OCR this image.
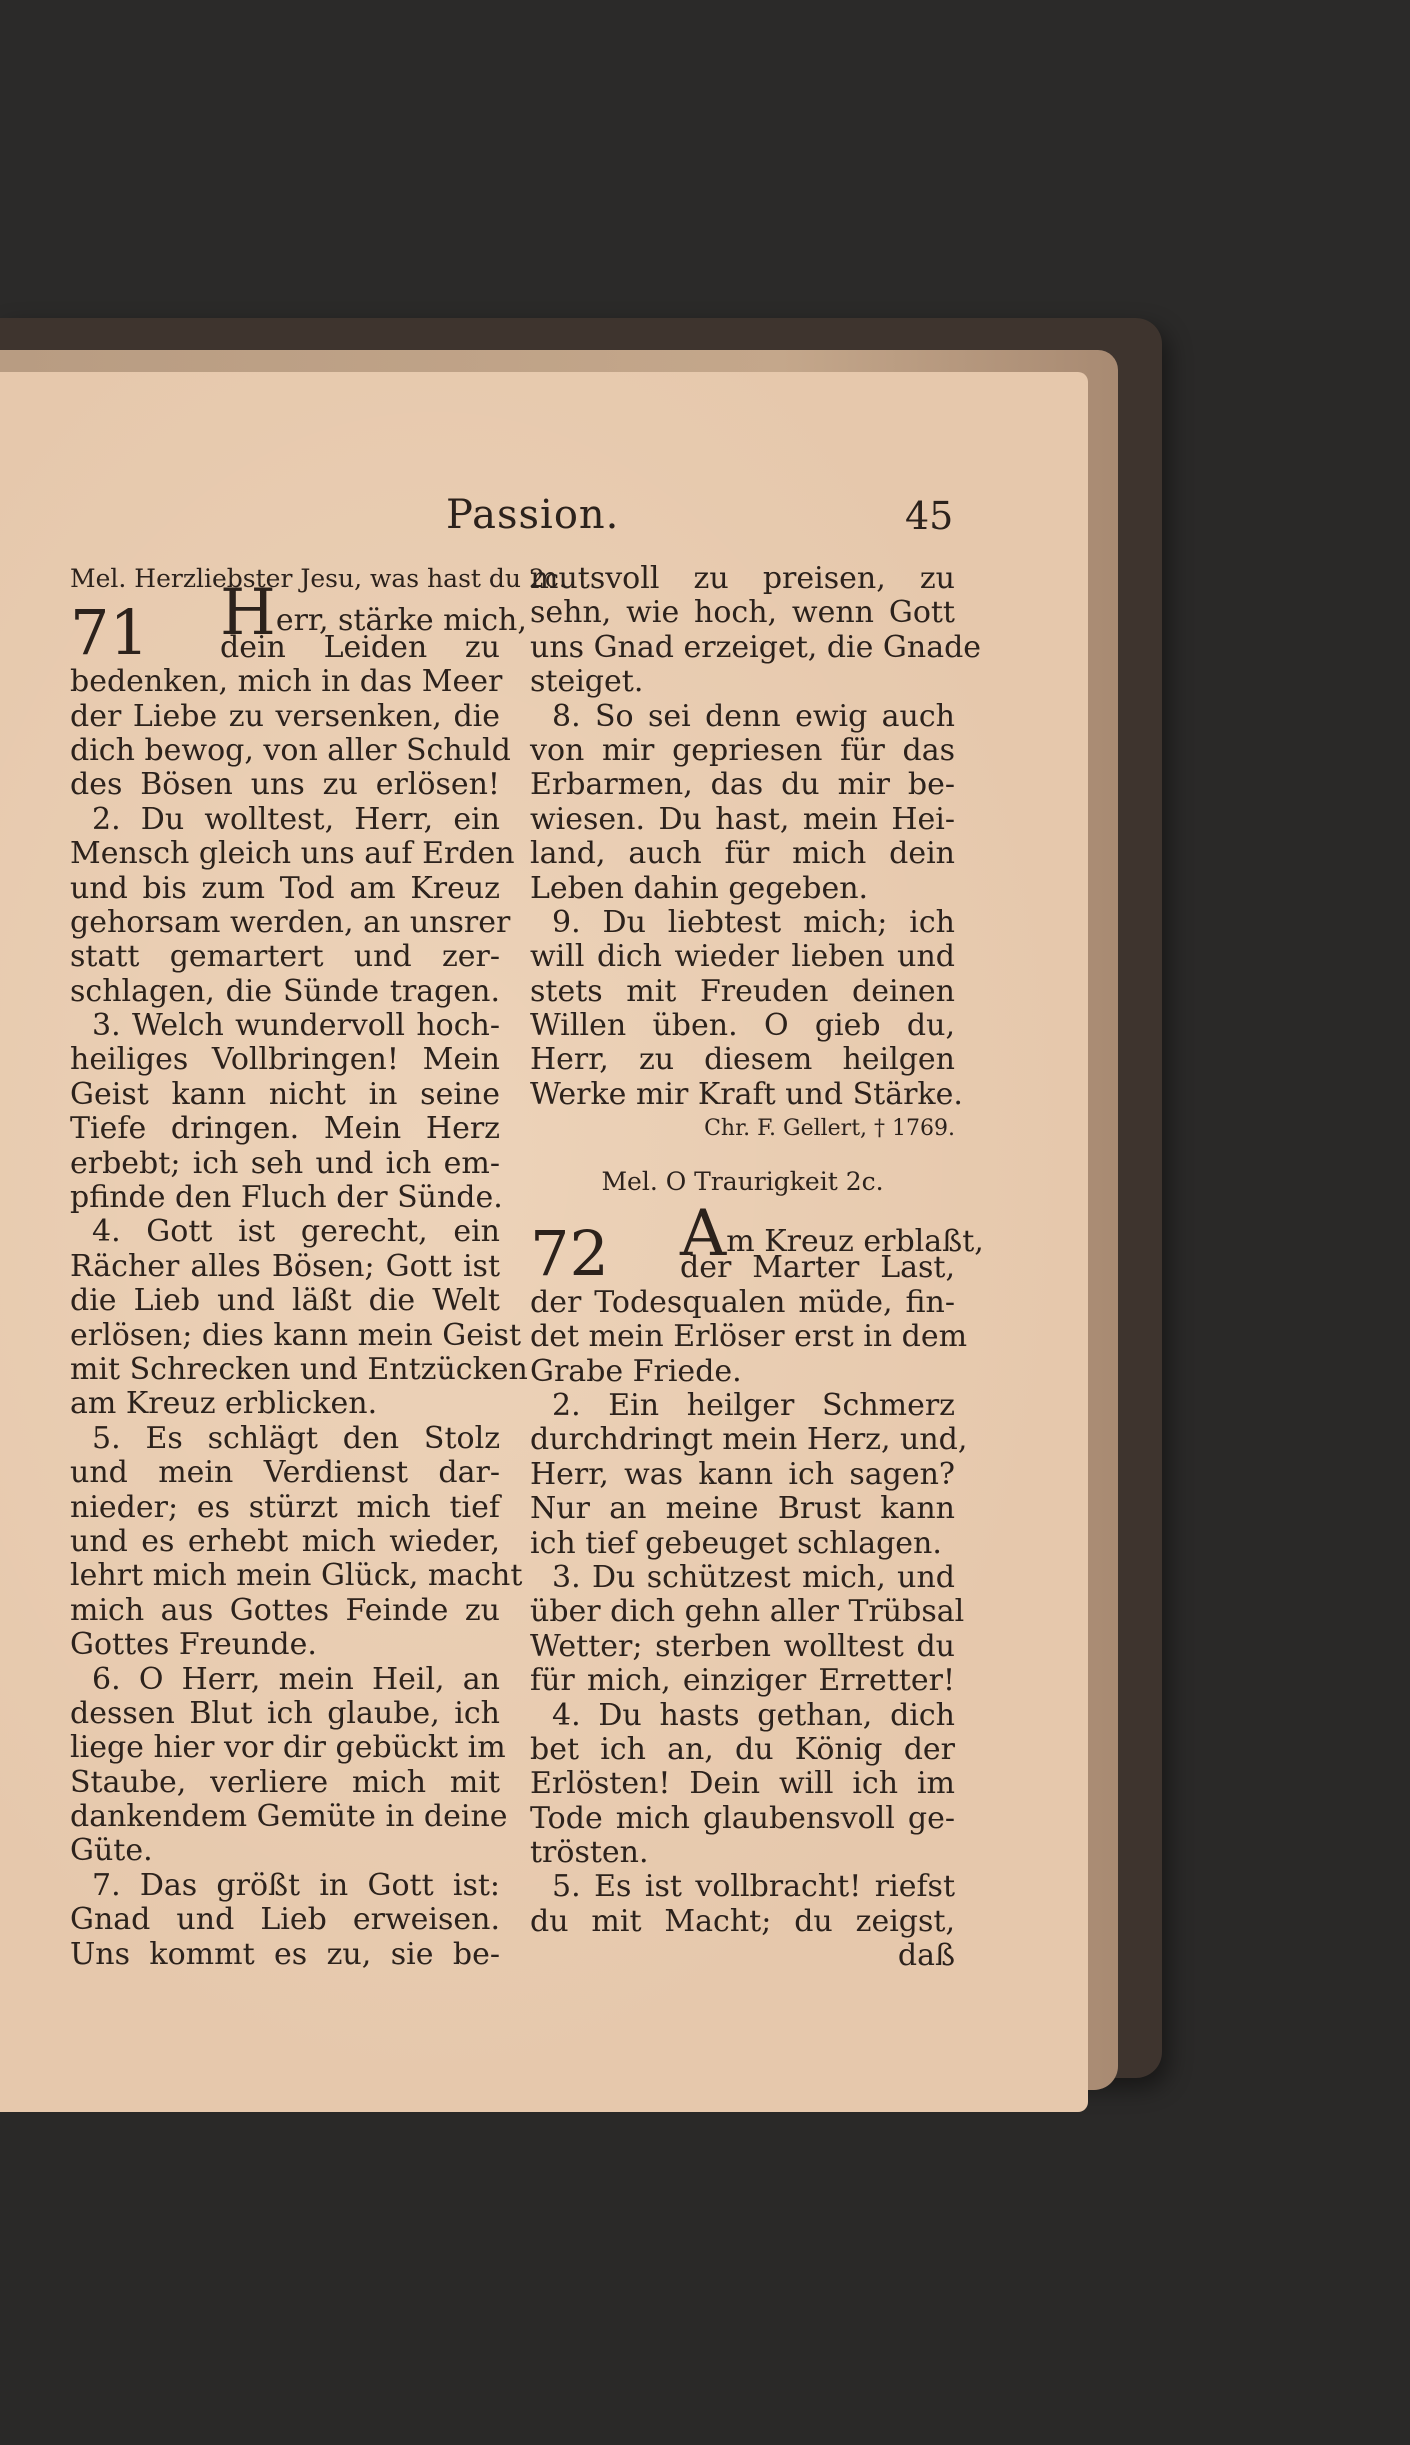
Passion.	45
Mel. Herzliebster Jesu, was hast du 2c.
71 Herr, stärke mich,
dein Leiden zu
bedenken, mich in das Meer
der Liebe zu versenken, die
dich bewog, von aller Schuld
des Bösen uns zu erlösen!
2. Du wolltest, Herr, ein
Mensch gleich uns auf Erden
und bis zum Tod am Kreuz
gehorsam werden, an unsrer
statt gemartert und zer-
schlagen, die Sünde tragen.
3. Welch wundervoll hoch-
heiliges Vollbringen! Mein
Geist kann nicht in seine
Tiefe dringen. Mein Herz
erbebt; ich seh und ich em-
pfinde den Fluch der Sünde.
4. Gott ist gerecht, ein
Rächer alles Bösen; Gott ist
die Lieb und läßt die Welt
erlösen; dies kann mein Geist
mit Schrecken und Entzücken
am Kreuz erblicken.
5. Es schlägt den Stolz
und mein Verdienst dar-
nieder; es stürzt mich tief
und es erhebt mich wieder,
lehrt mich mein Glück, macht
mich aus Gottes Feinde zu
Gottes Freunde.
6. O Herr, mein Heil, an
dessen Blut ich glaube, ich
liege hier vor dir gebückt im
Staube, verliere mich mit
dankendem Gemüte in deine
Güte.
7. Das größt in Gott ist:
Gnad und Lieb erweisen.
Uns kommt es zu, sie be-
mutsvoll zu preisen, zu
sehn, wie hoch, wenn Gott
uns Gnad erzeiget, die Gnade
steiget.
8. So sei denn ewig auch
von mir gepriesen für das
Erbarmen, das du mir be-
wiesen. Du hast, mein Hei-
land, auch für mich dein
Leben dahin gegeben.
9. Du liebtest mich; ich
will dich wieder lieben und
stets mit Freuden deinen
Willen üben. O gieb du,
Herr, zu diesem heilgen
Werke mir Kraft und Stärke.
Chr. F. Gellert, † 1769.
Mel. O Traurigkeit 2c.
72 Am Kreuz erblaßt,
der Marter Last,
der Todesqualen müde, fin-
det mein Erlöser erst in dem
Grabe Friede.
2. Ein heilger Schmerz
durchdringt mein Herz, und,
Herr, was kann ich sagen?
Nur an meine Brust kann
ich tief gebeuget schlagen.
3. Du schützest mich, und
über dich gehn aller Trübsal
Wetter; sterben wolltest du
für mich, einziger Erretter!
4. Du hasts gethan, dich
bet ich an, du König der
Erlösten! Dein will ich im
Tode mich glaubensvoll ge-
trösten.
5. Es ist vollbracht! riefst
du mit Macht; du zeigst,
daß
